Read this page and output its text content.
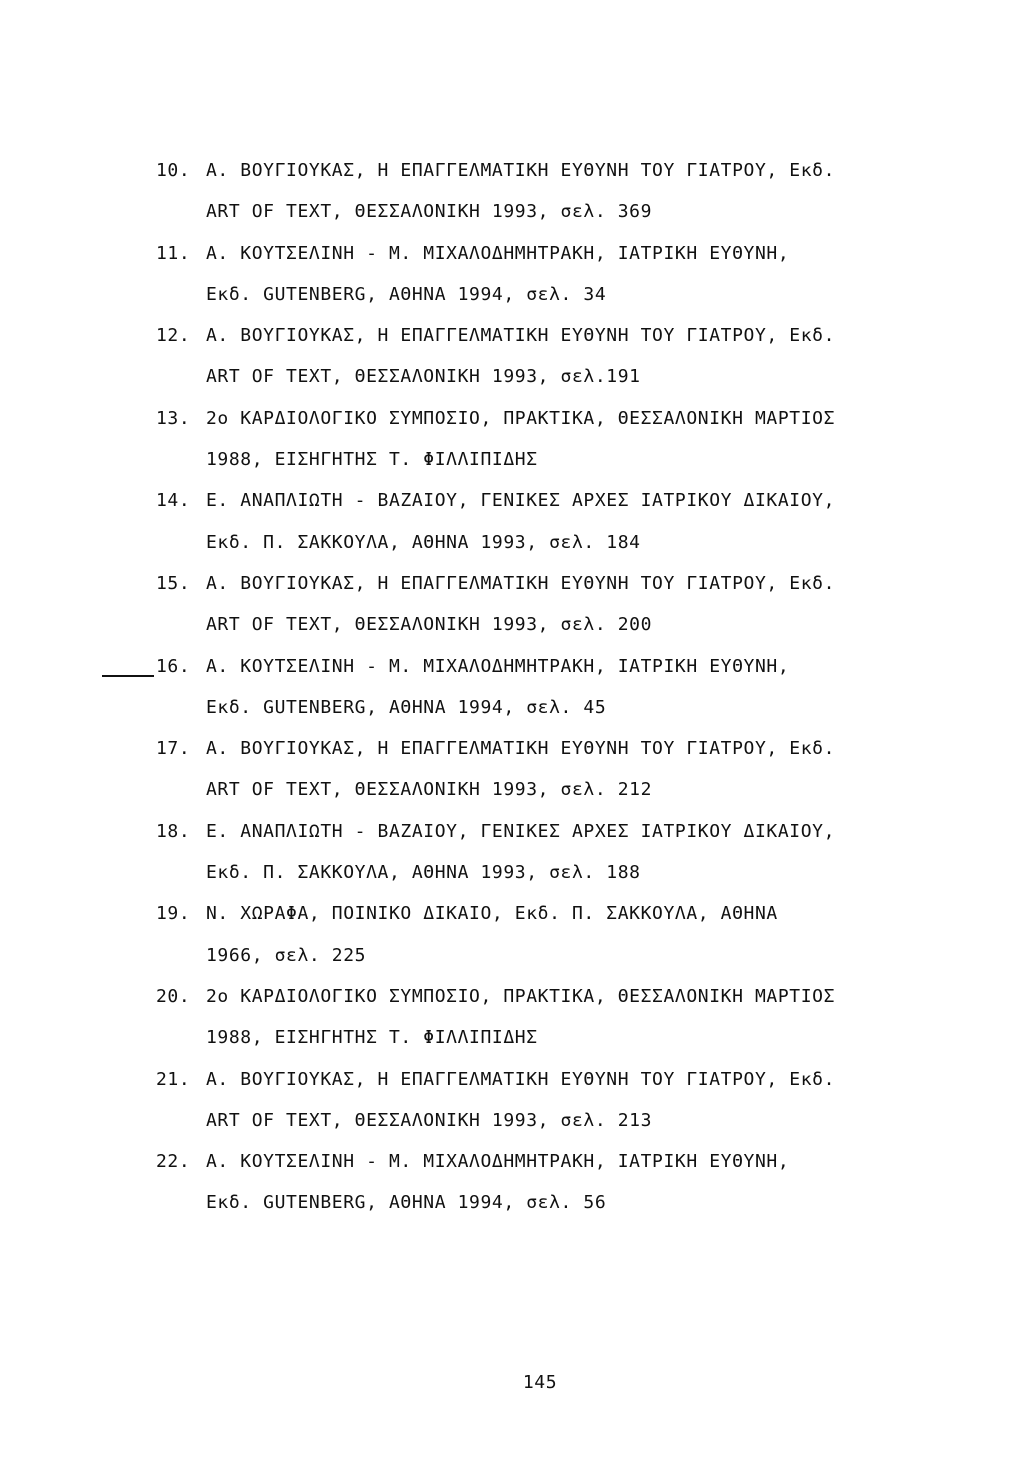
10. Α. ΒΟΥΓΙΟΥΚΑΣ, Η ΕΠΑΓΓΕΛΜΑΤΙΚΗ ΕΥΘΥΝΗ ΤΟΥ ΓΙΑΤΡΟΥ, Εκδ.
ART OF TEXT, ΘΕΣΣΑΛΟΝΙΚΗ 1993, σελ. 369
11. Α. ΚΟΥΤΣΕΛΙΝΗ - Μ. ΜΙΧΑΛΟΔΗΜΗΤΡΑΚΗ, ΙΑΤΡΙΚΗ ΕΥΘΥΝΗ,
Εκδ. GUTENBERG, ΑΘΗΝΑ 1994, σελ. 34
12. Α. ΒΟΥΓΙΟΥΚΑΣ, Η ΕΠΑΓΓΕΛΜΑΤΙΚΗ ΕΥΘΥΝΗ ΤΟΥ ΓΙΑΤΡΟΥ, Εκδ.
ART OF TEXT, ΘΕΣΣΑΛΟΝΙΚΗ 1993, σελ.191
13. 2ο ΚΑΡΔΙΟΛΟΓΙΚΟ ΣΥΜΠΟΣΙΟ, ΠΡΑΚΤΙΚΑ, ΘΕΣΣΑΛΟΝΙΚΗ ΜΑΡΤΙΟΣ
1988, ΕΙΣΗΓΗΤΗΣ Τ. ΦΙΛΛΙΠΙΔΗΣ
14. Ε. ΑΝΑΠΛΙΩΤΗ - ΒΑΖΑΙΟΥ, ΓΕΝΙΚΕΣ ΑΡΧΕΣ ΙΑΤΡΙΚΟΥ ΔΙΚΑΙΟΥ,
Εκδ. Π. ΣΑΚΚΟΥΛΑ, ΑΘΗΝΑ 1993, σελ. 184
15. Α. ΒΟΥΓΙΟΥΚΑΣ, Η ΕΠΑΓΓΕΛΜΑΤΙΚΗ ΕΥΘΥΝΗ ΤΟΥ ΓΙΑΤΡΟΥ, Εκδ.
ART OF TEXT, ΘΕΣΣΑΛΟΝΙΚΗ 1993, σελ. 200
16. Α. ΚΟΥΤΣΕΛΙΝΗ - Μ. ΜΙΧΑΛΟΔΗΜΗΤΡΑΚΗ, ΙΑΤΡΙΚΗ ΕΥΘΥΝΗ,
Εκδ. GUTENBERG, ΑΘΗΝΑ 1994, σελ. 45
17. Α. ΒΟΥΓΙΟΥΚΑΣ, Η ΕΠΑΓΓΕΛΜΑΤΙΚΗ ΕΥΘΥΝΗ ΤΟΥ ΓΙΑΤΡΟΥ, Εκδ.
ART OF TEXT, ΘΕΣΣΑΛΟΝΙΚΗ 1993, σελ. 212
18. Ε. ΑΝΑΠΛΙΩΤΗ - ΒΑΖΑΙΟΥ, ΓΕΝΙΚΕΣ ΑΡΧΕΣ ΙΑΤΡΙΚΟΥ ΔΙΚΑΙΟΥ,
Εκδ. Π. ΣΑΚΚΟΥΛΑ, ΑΘΗΝΑ 1993, σελ. 188
19. Ν. ΧΩΡΑΦΑ, ΠΟΙΝΙΚΟ ΔΙΚΑΙΟ, Εκδ. Π. ΣΑΚΚΟΥΛΑ, ΑΘΗΝΑ
1966, σελ. 225
20. 2ο ΚΑΡΔΙΟΛΟΓΙΚΟ ΣΥΜΠΟΣΙΟ, ΠΡΑΚΤΙΚΑ, ΘΕΣΣΑΛΟΝΙΚΗ ΜΑΡΤΙΟΣ
1988, ΕΙΣΗΓΗΤΗΣ Τ. ΦΙΛΛΙΠΙΔΗΣ
21. Α. ΒΟΥΓΙΟΥΚΑΣ, Η ΕΠΑΓΓΕΛΜΑΤΙΚΗ ΕΥΘΥΝΗ ΤΟΥ ΓΙΑΤΡΟΥ, Εκδ.
ART OF TEXT, ΘΕΣΣΑΛΟΝΙΚΗ 1993, σελ. 213
22. Α. ΚΟΥΤΣΕΛΙΝΗ - Μ. ΜΙΧΑΛΟΔΗΜΗΤΡΑΚΗ, ΙΑΤΡΙΚΗ ΕΥΘΥΝΗ,
Εκδ. GUTENBERG, ΑΘΗΝΑ 1994, σελ. 56
145
